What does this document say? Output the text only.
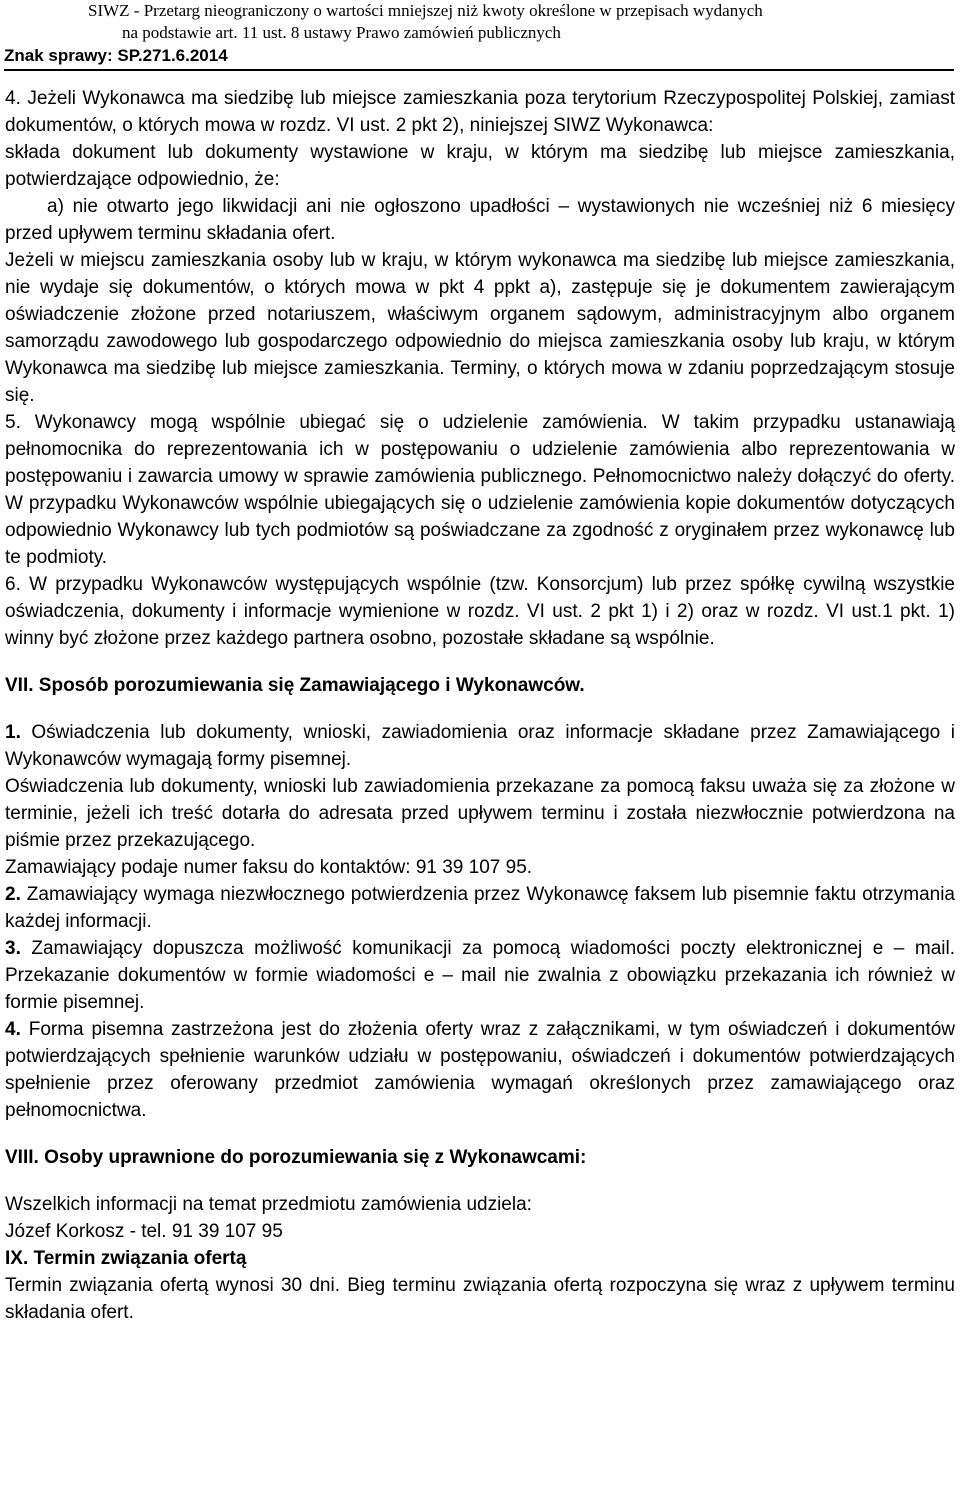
SIWZ - Przetarg nieograniczony o wartości mniejszej niż kwoty określone w przepisach wydanych
na podstawie art. 11 ust. 8 ustawy Prawo zamówień publicznych
Znak sprawy: SP.271.6.2014

4. Jeżeli Wykonawca ma siedzibę lub miejsce zamieszkania poza terytorium Rzeczypospolitej Polskiej, zamiast dokumentów, o których mowa w rozdz. VI ust. 2 pkt 2), niniejszej SIWZ Wykonawca:

składa dokument lub dokumenty wystawione w kraju, w którym ma siedzibę lub miejsce zamieszkania, potwierdzające odpowiednio, że:

a) nie otwarto jego likwidacji ani nie ogłoszono upadłości – wystawionych nie wcześniej niż 6 miesięcy przed upływem terminu składania ofert.

Jeżeli w miejscu zamieszkania osoby lub w kraju, w którym wykonawca ma siedzibę lub miejsce zamieszkania, nie wydaje się dokumentów, o których mowa w pkt 4 ppkt a), zastępuje się je dokumentem zawierającym oświadczenie złożone przed notariuszem, właściwym organem sądowym, administracyjnym albo organem samorządu zawodowego lub gospodarczego odpowiednio do miejsca zamieszkania osoby lub kraju, w którym Wykonawca ma siedzibę lub miejsce zamieszkania. Terminy, o których mowa w zdaniu poprzedzającym stosuje się.

5. Wykonawcy mogą wspólnie ubiegać się o udzielenie zamówienia. W takim przypadku ustanawiają pełnomocnika do reprezentowania ich w postępowaniu o udzielenie zamówienia albo reprezentowania w postępowaniu i zawarcia umowy w sprawie zamówienia publicznego. Pełnomocnictwo należy dołączyć do oferty. W przypadku Wykonawców wspólnie ubiegających się o udzielenie zamówienia kopie dokumentów dotyczących odpowiednio Wykonawcy lub tych podmiotów są poświadczane za zgodność z oryginałem przez wykonawcę lub te podmioty.

6. W przypadku Wykonawców występujących wspólnie (tzw. Konsorcjum) lub przez spółkę cywilną wszystkie oświadczenia, dokumenty i informacje wymienione w rozdz. VI ust. 2 pkt 1) i 2) oraz w rozdz. VI ust.1 pkt. 1) winny być złożone przez każdego partnera osobno, pozostałe składane są wspólnie.

VII. Sposób porozumiewania się Zamawiającego i Wykonawców.

1. Oświadczenia lub dokumenty, wnioski, zawiadomienia oraz informacje składane przez Zamawiającego i Wykonawców wymagają formy pisemnej.

Oświadczenia lub dokumenty, wnioski lub zawiadomienia przekazane za pomocą faksu uważa się za złożone w terminie, jeżeli ich treść dotarła do adresata przed upływem terminu i została niezwłocznie potwierdzona na piśmie przez przekazującego.

Zamawiający podaje numer faksu do kontaktów: 91 39 107 95.

2. Zamawiający wymaga niezwłocznego potwierdzenia przez Wykonawcę faksem lub pisemnie faktu otrzymania każdej informacji.

3. Zamawiający dopuszcza możliwość komunikacji za pomocą wiadomości poczty elektronicznej e – mail. Przekazanie dokumentów w formie wiadomości e – mail nie zwalnia z obowiązku przekazania ich również w formie pisemnej.

4. Forma pisemna zastrzeżona jest do złożenia oferty wraz z załącznikami, w tym oświadczeń i dokumentów potwierdzających spełnienie warunków udziału w postępowaniu, oświadczeń i dokumentów potwierdzających spełnienie przez oferowany przedmiot zamówienia wymagań określonych przez zamawiającego oraz pełnomocnictwa.

VIII. Osoby uprawnione do porozumiewania się z Wykonawcami:

Wszelkich informacji na temat przedmiotu zamówienia udziela:

Józef Korkosz - tel. 91 39 107 95

IX. Termin związania ofertą

Termin związania ofertą wynosi 30 dni. Bieg terminu związania ofertą rozpoczyna się wraz z upływem terminu składania ofert.
